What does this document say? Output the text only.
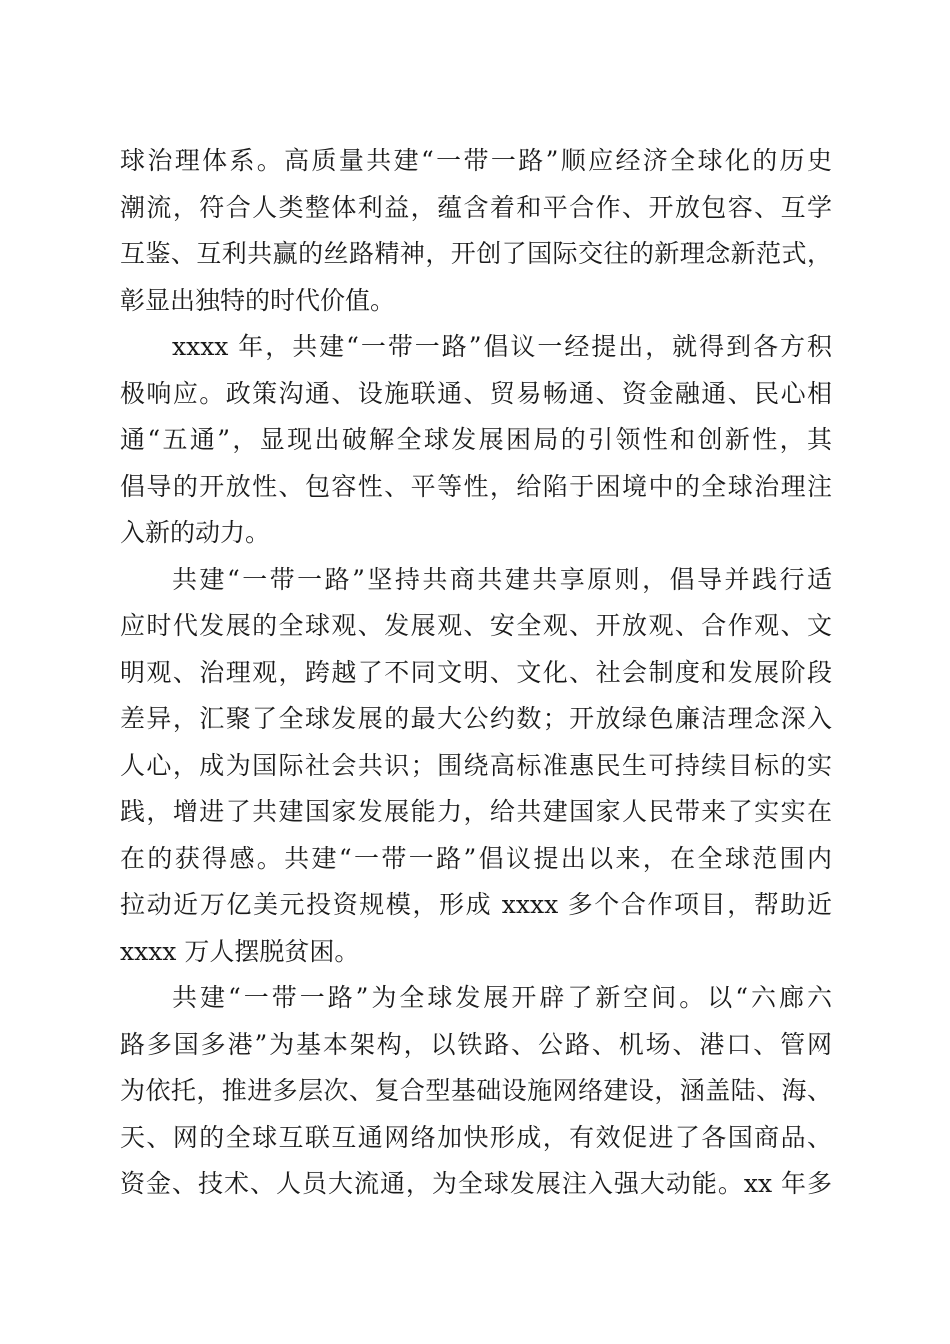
球治理体系。高质量共建“一带一路”顺应经济全球化的历史
潮流，符合人类整体利益，蕴含着和平合作、开放包容、互学
互鉴、互利共赢的丝路精神，开创了国际交往的新理念新范式，
彰显出独特的时代价值。
xxxx 年，共建“一带一路”倡议一经提出，就得到各方积
极响应。政策沟通、设施联通、贸易畅通、资金融通、民心相
通“五通”，显现出破解全球发展困局的引领性和创新性，其
倡导的开放性、包容性、平等性，给陷于困境中的全球治理注
入新的动力。
共建“一带一路”坚持共商共建共享原则，倡导并践行适
应时代发展的全球观、发展观、安全观、开放观、合作观、文
明观、治理观，跨越了不同文明、文化、社会制度和发展阶段
差异，汇聚了全球发展的最大公约数；开放绿色廉洁理念深入
人心，成为国际社会共识；围绕高标准惠民生可持续目标的实
践，增进了共建国家发展能力，给共建国家人民带来了实实在
在的获得感。共建“一带一路”倡议提出以来，在全球范围内
拉动近万亿美元投资规模，形成 xxxx 多个合作项目，帮助近
xxxx 万人摆脱贫困。
共建“一带一路”为全球发展开辟了新空间。以“六廊六
路多国多港”为基本架构，以铁路、公路、机场、港口、管网
为依托，推进多层次、复合型基础设施网络建设，涵盖陆、海、
天、网的全球互联互通网络加快形成，有效促进了各国商品、
资金、技术、人员大流通，为全球发展注入强大动能。xx 年多
